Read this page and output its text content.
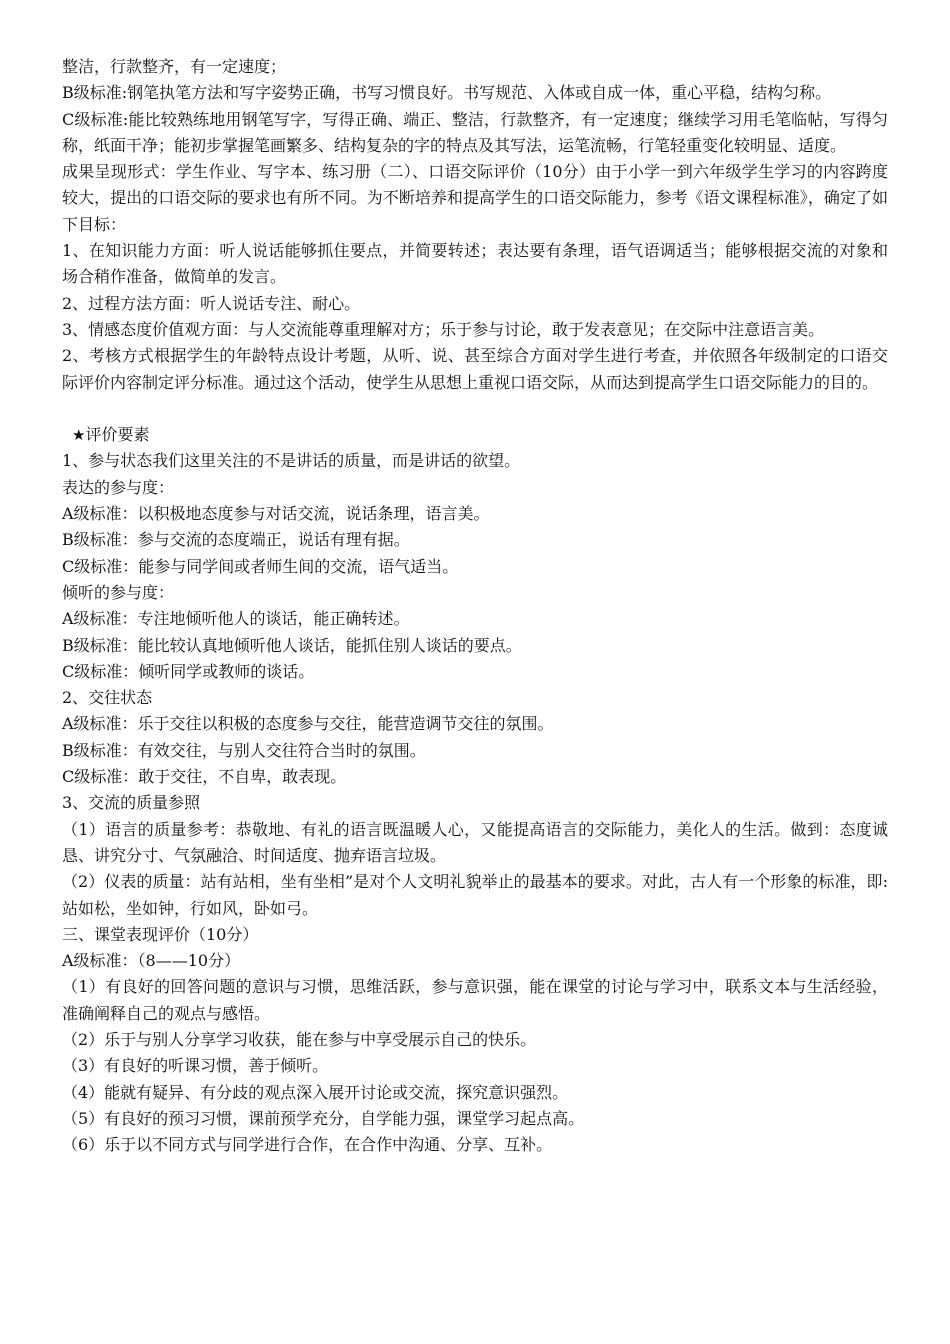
整洁，行款整齐，有一定速度；

B级标准:钢笔执笔方法和写字姿势正确，书写习惯良好。书写规范、入体或自成一体，重心平稳，结构匀称。

C级标准:能比较熟练地用钢笔写字，写得正确、端正、整洁，行款整齐，有一定速度；继续学习用毛笔临帖，写得匀称，纸面干净；能初步掌握笔画繁多、结构复杂的字的特点及其写法，运笔流畅，行笔轻重变化较明显、适度。

成果呈现形式：学生作业、写字本、练习册（二）、口语交际评价（10分）由于小学一到六年级学生学习的内容跨度较大，提出的口语交际的要求也有所不同。为不断培养和提高学生的口语交际能力，参考《语文课程标准》，确定了如下目标：

1、在知识能力方面：听人说话能够抓住要点，并简要转述；表达要有条理，语气语调适当；能够根据交流的对象和场合稍作准备，做简单的发言。

2、过程方法方面：听人说话专注、耐心。

3、情感态度价值观方面：与人交流能尊重理解对方；乐于参与讨论，敢于发表意见；在交际中注意语言美。

2、考核方式根据学生的年龄特点设计考题，从听、说、甚至综合方面对学生进行考查，并依照各年级制定的口语交际评价内容制定评分标准。通过这个活动，使学生从思想上重视口语交际，从而达到提高学生口语交际能力的目的。

★评价要素

1、参与状态我们这里关注的不是讲话的质量，而是讲话的欲望。

表达的参与度：

A级标准：以积极地态度参与对话交流，说话条理，语言美。

B级标准：参与交流的态度端正，说话有理有据。

C级标准：能参与同学间或者师生间的交流，语气适当。

倾听的参与度：

A级标准：专注地倾听他人的谈话，能正确转述。

B级标准：能比较认真地倾听他人谈话，能抓住别人谈话的要点。

C级标准：倾听同学或教师的谈话。

2、交往状态

A级标准：乐于交往以积极的态度参与交往，能营造调节交往的氛围。

B级标准：有效交往，与别人交往符合当时的氛围。

C级标准：敢于交往，不自卑，敢表现。

3、交流的质量参照

（1）语言的质量参考：恭敬地、有礼的语言既温暖人心，又能提高语言的交际能力，美化人的生活。做到：态度诚恳、讲究分寸、气氛融洽、时间适度、抛弃语言垃圾。

（2）仪表的质量：站有站相，坐有坐相”是对个人文明礼貌举止的最基本的要求。对此，古人有一个形象的标准，即:站如松，坐如钟，行如风，卧如弓。

三、课堂表现评价（10分）

A级标准：（8——10分）

（1）有良好的回答问题的意识与习惯，思维活跃，参与意识强，能在课堂的讨论与学习中，联系文本与生活经验，准确阐释自己的观点与感悟。

（2）乐于与别人分享学习收获，能在参与中享受展示自己的快乐。

（3）有良好的听课习惯，善于倾听。

（4）能就有疑异、有分歧的观点深入展开讨论或交流，探究意识强烈。

（5）有良好的预习习惯，课前预学充分，自学能力强，课堂学习起点高。

（6）乐于以不同方式与同学进行合作，在合作中沟通、分享、互补。
